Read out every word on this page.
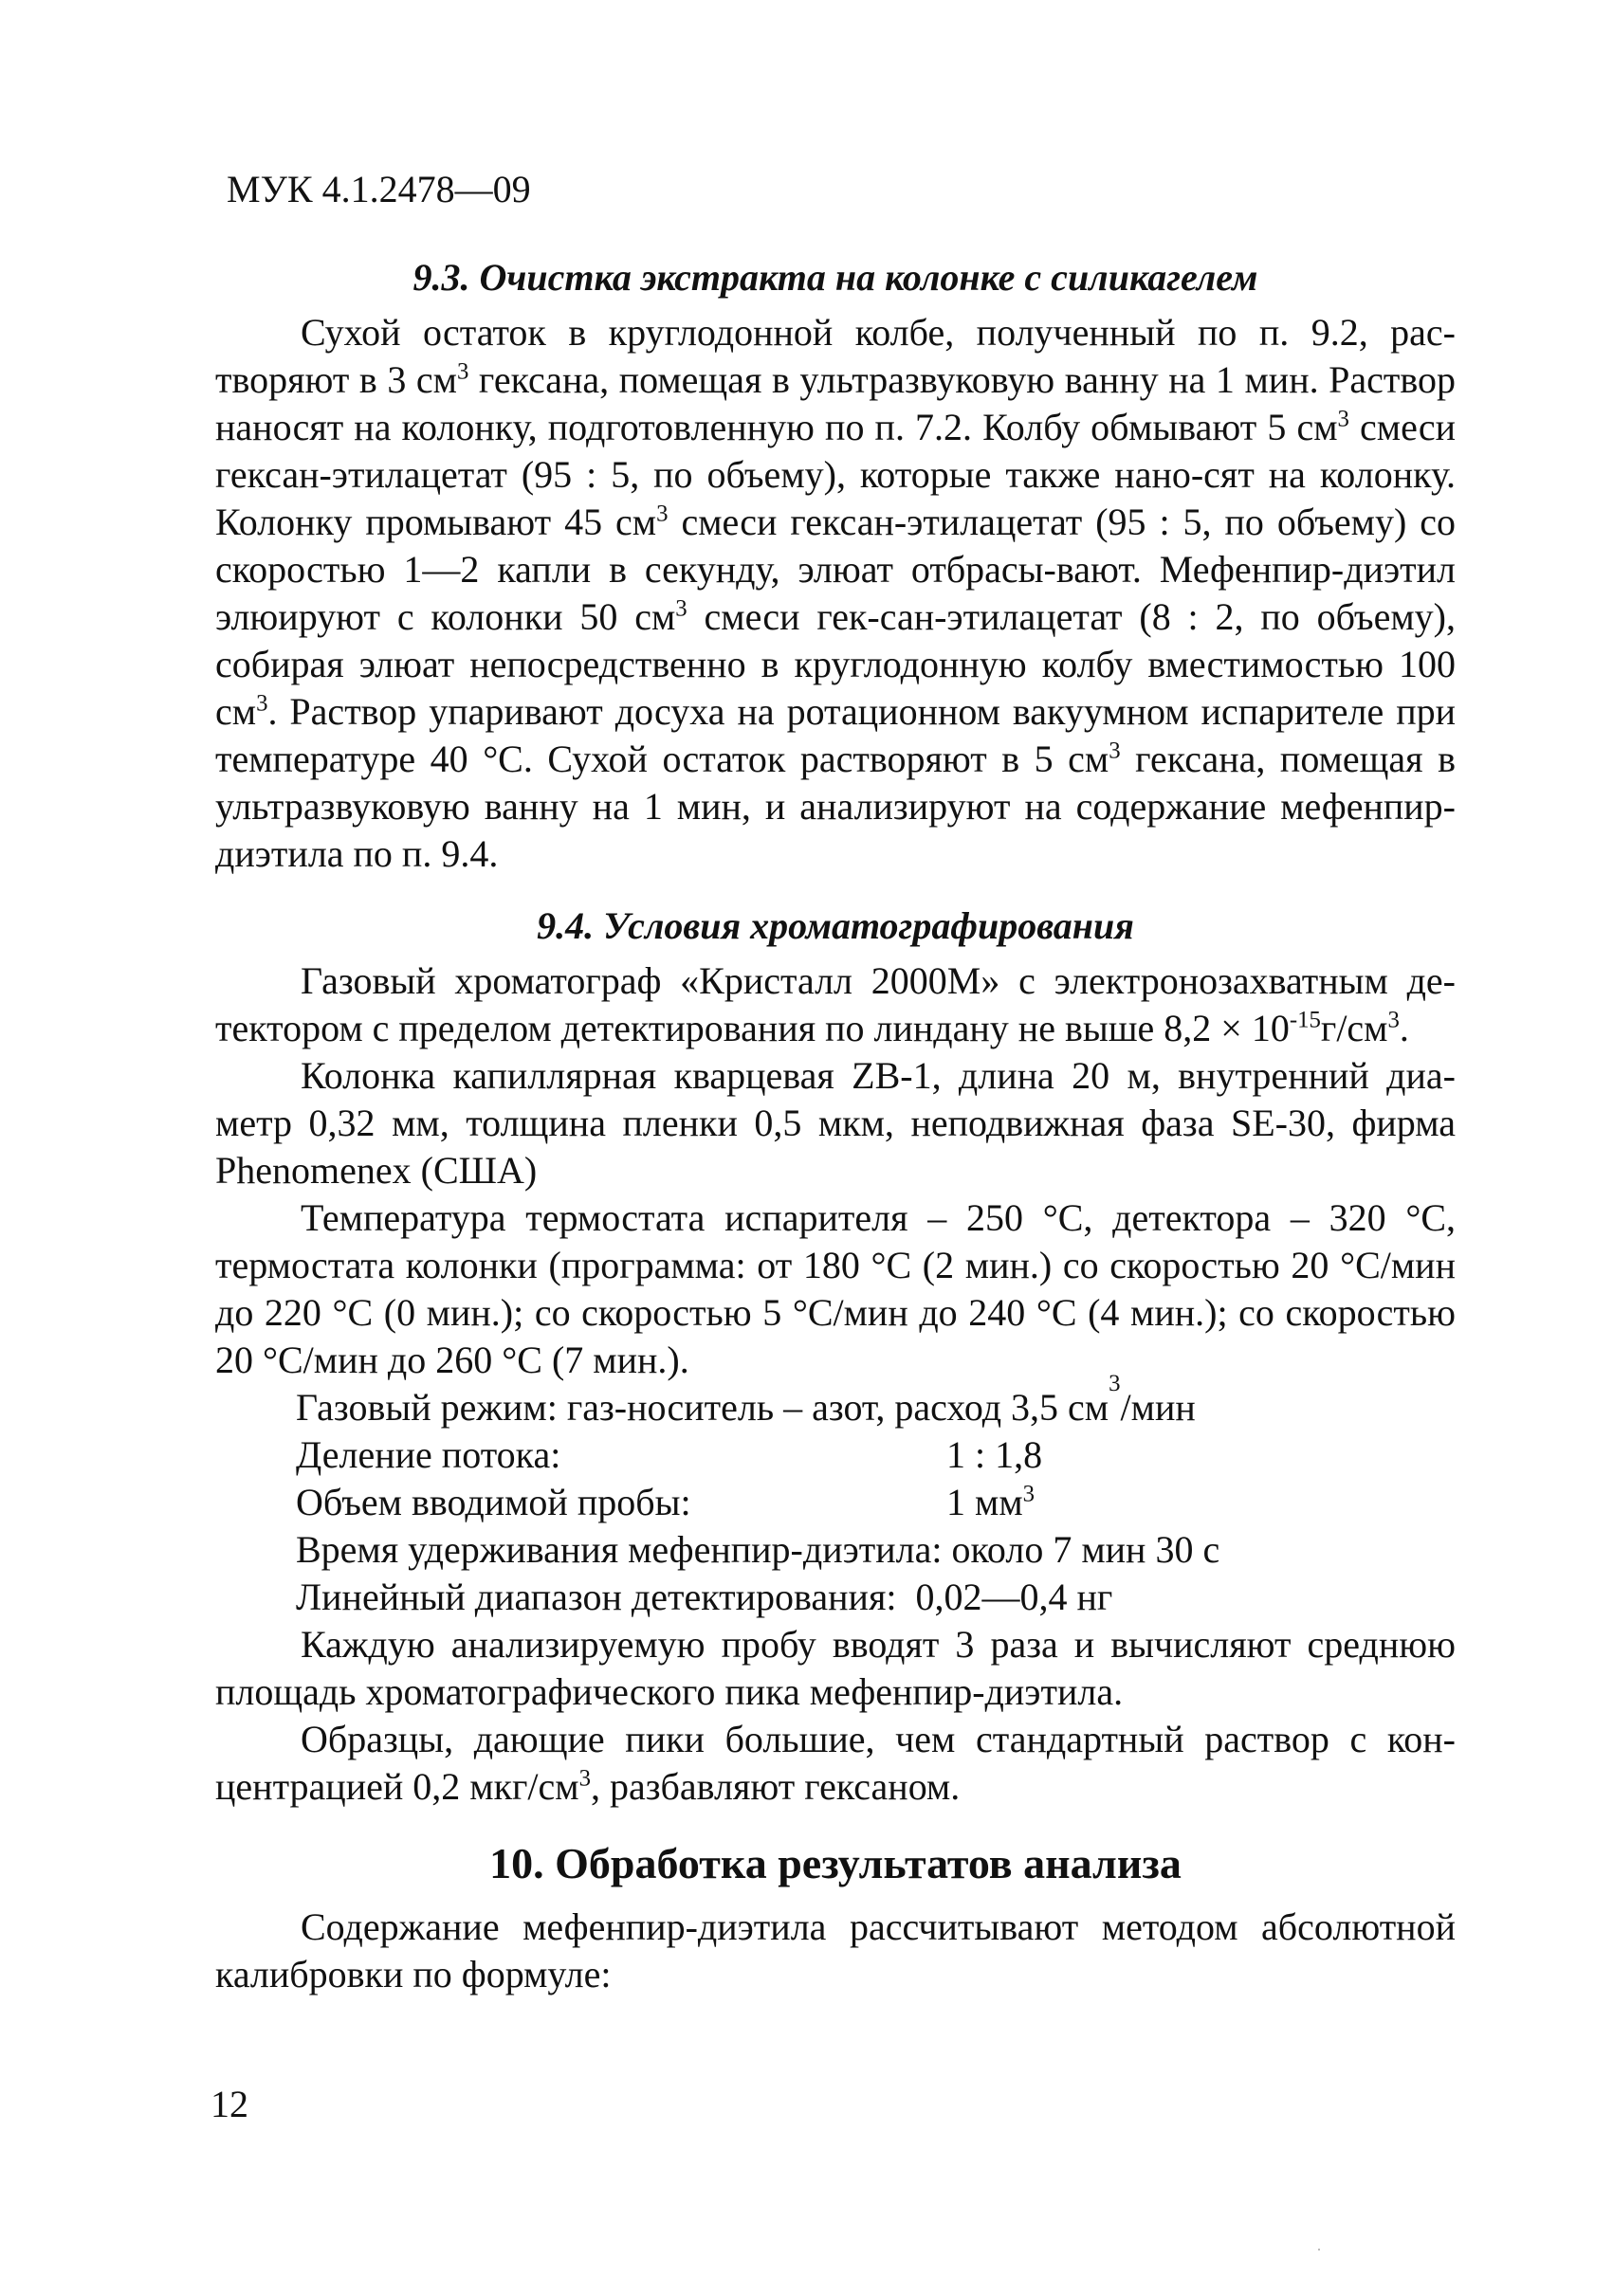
МУК 4.1.2478—09
9.3. Очистка экстракта на колонке с силикагелем

Сухой остаток в круглодонной колбе, полученный по п. 9.2, рас-творяют в 3 $см^3$ гексана, помещая в ультразвуковую ванну на 1 мин. Раствор наносят на колонку, подготовленную по п. 7.2. Колбу обмывают 5 $см^3$ смеси гексан-этилацетат (95 : 5, по объему), которые также нано-сят на колонку. Колонку промывают 45 $см^3$ смеси гексан-этилацетат (95 : 5, по объему) со скоростью 1—2 капли в секунду, элюат отбрасы-вают. Мефенпир-диэтил элюируют с колонки 50 $см^3$ смеси гек-сан-этилацетат (8 : 2, по объему), собирая элюат непосредственно в круглодонную колбу вместимостью 100 $см^3$. Раствор упаривают досуха на ротационном вакуумном испарителе при температуре 40 °С. Сухой остаток растворяют в 5 $см^3$ гексана, помещая в ультразвуковую ванну на 1 мин, и анализируют на содержание мефенпир-диэтила по п. 9.4.

9.4. Условия хроматографирования

Газовый хроматограф «Кристалл 2000М» с электронозахватным де-тектором с пределом детектирования по линдану не выше $8,2 \times 10^{-15}г/см^3$.

Колонка капиллярная кварцевая ZB-1, длина 20 м, внутренний диа-метр 0,32 мм, толщина пленки 0,5 мкм, неподвижная фаза SE-30, фирма Phenomenex (США)

Температура термостата испарителя – 250 °С, детектора – 320 °С, термостата колонки (программа: от 180 °С (2 мин.) со скоростью 20 °С/мин до 220 °С (0 мин.); со скоростью 5 °С/мин до 240 °С (4 мин.); со скоростью 20 °С/мин до 260 °С (7 мин.).

Газовый режим: газ-носитель – азот, расход 3,5 см
3
/мин
Деление потока:	1 : 1,8
Объем вводимой пробы:	1 $мм^3$
Время удерживания мефенпир-диэтила: около 7 мин 30 с
Линейный диапазон детектирования: 0,02—0,4 нг

Каждую анализируемую пробу вводят 3 раза и вычисляют среднюю площадь хроматографического пика мефенпир-диэтила.

Образцы, дающие пики большие, чем стандартный раствор с кон-центрацией 0,2 мкг/$см^3$, разбавляют гексаном.

10. Обработка результатов анализа

Содержание мефенпир-диэтила рассчитывают методом абсолютной калибровки по формуле:

12
